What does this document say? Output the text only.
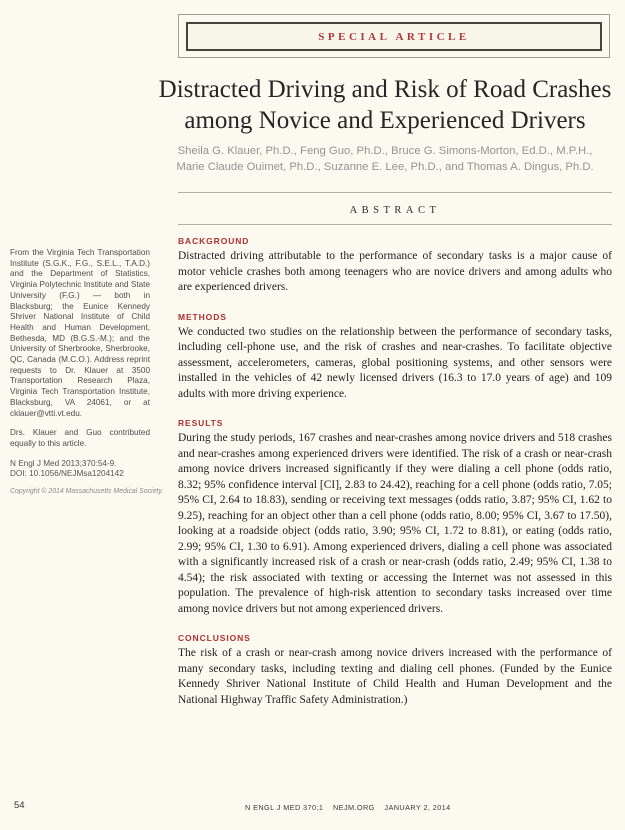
SPECIAL ARTICLE
Distracted Driving and Risk of Road Crashes
among Novice and Experienced Drivers
Sheila G. Klauer, Ph.D., Feng Guo, Ph.D., Bruce G. Simons-Morton, Ed.D., M.P.H.,
Marie Claude Ouimet, Ph.D., Suzanne E. Lee, Ph.D., and Thomas A. Dingus, Ph.D.
ABSTRACT

From the Virginia Tech Transportation Institute (S.G.K., F.G., S.E.L., T.A.D.) and the Department of Statistics, Virginia Polytechnic Institute and State University (F.G.) — both in Blacksburg; the Eunice Kennedy Shriver National Institute of Child Health and Human Development, Bethesda, MD (B.G.S.-M.); and the University of Sherbrooke, Sherbrooke, QC, Canada (M.C.O.). Address reprint requests to Dr. Klauer at 3500 Transportation Research Plaza, Virginia Tech Transportation Institute, Blacksburg, VA 24061, or at cklauer@vtti.vt.edu.

Drs. Klauer and Guo contributed equally to this article.

N Engl J Med 2013;370:54-9.

DOI: 10.1056/NEJMsa1204142

Copyright © 2014 Massachusetts Medical Society.

BACKGROUND

Distracted driving attributable to the performance of secondary tasks is a major cause of motor vehicle crashes both among teenagers who are novice drivers and among adults who are experienced drivers.

METHODS

We conducted two studies on the relationship between the performance of secondary tasks, including cell-phone use, and the risk of crashes and near-crashes. To facilitate objective assessment, accelerometers, cameras, global positioning systems, and other sensors were installed in the vehicles of 42 newly licensed drivers (16.3 to 17.0 years of age) and 109 adults with more driving experience.

RESULTS

During the study periods, 167 crashes and near-crashes among novice drivers and 518 crashes and near-crashes among experienced drivers were identified. The risk of a crash or near-crash among novice drivers increased significantly if they were dialing a cell phone (odds ratio, 8.32; 95% confidence interval [CI], 2.83 to 24.42), reaching for a cell phone (odds ratio, 7.05; 95% CI, 2.64 to 18.83), sending or receiving text messages (odds ratio, 3.87; 95% CI, 1.62 to 9.25), reaching for an object other than a cell phone (odds ratio, 8.00; 95% CI, 3.67 to 17.50), looking at a roadside object (odds ratio, 3.90; 95% CI, 1.72 to 8.81), or eating (odds ratio, 2.99; 95% CI, 1.30 to 6.91). Among experienced drivers, dialing a cell phone was associated with a significantly increased risk of a crash or near-crash (odds ratio, 2.49; 95% CI, 1.38 to 4.54); the risk associated with texting or accessing the Internet was not assessed in this population. The prevalence of high-risk attention to secondary tasks increased over time among novice drivers but not among experienced drivers.

CONCLUSIONS

The risk of a crash or near-crash among novice drivers increased with the performance of many secondary tasks, including texting and dialing cell phones. (Funded by the Eunice Kennedy Shriver National Institute of Child Health and Human Development and the National Highway Traffic Safety Administration.)

54	N ENGL J MED 370;1    NEJM.ORG    JANUARY 2, 2014
